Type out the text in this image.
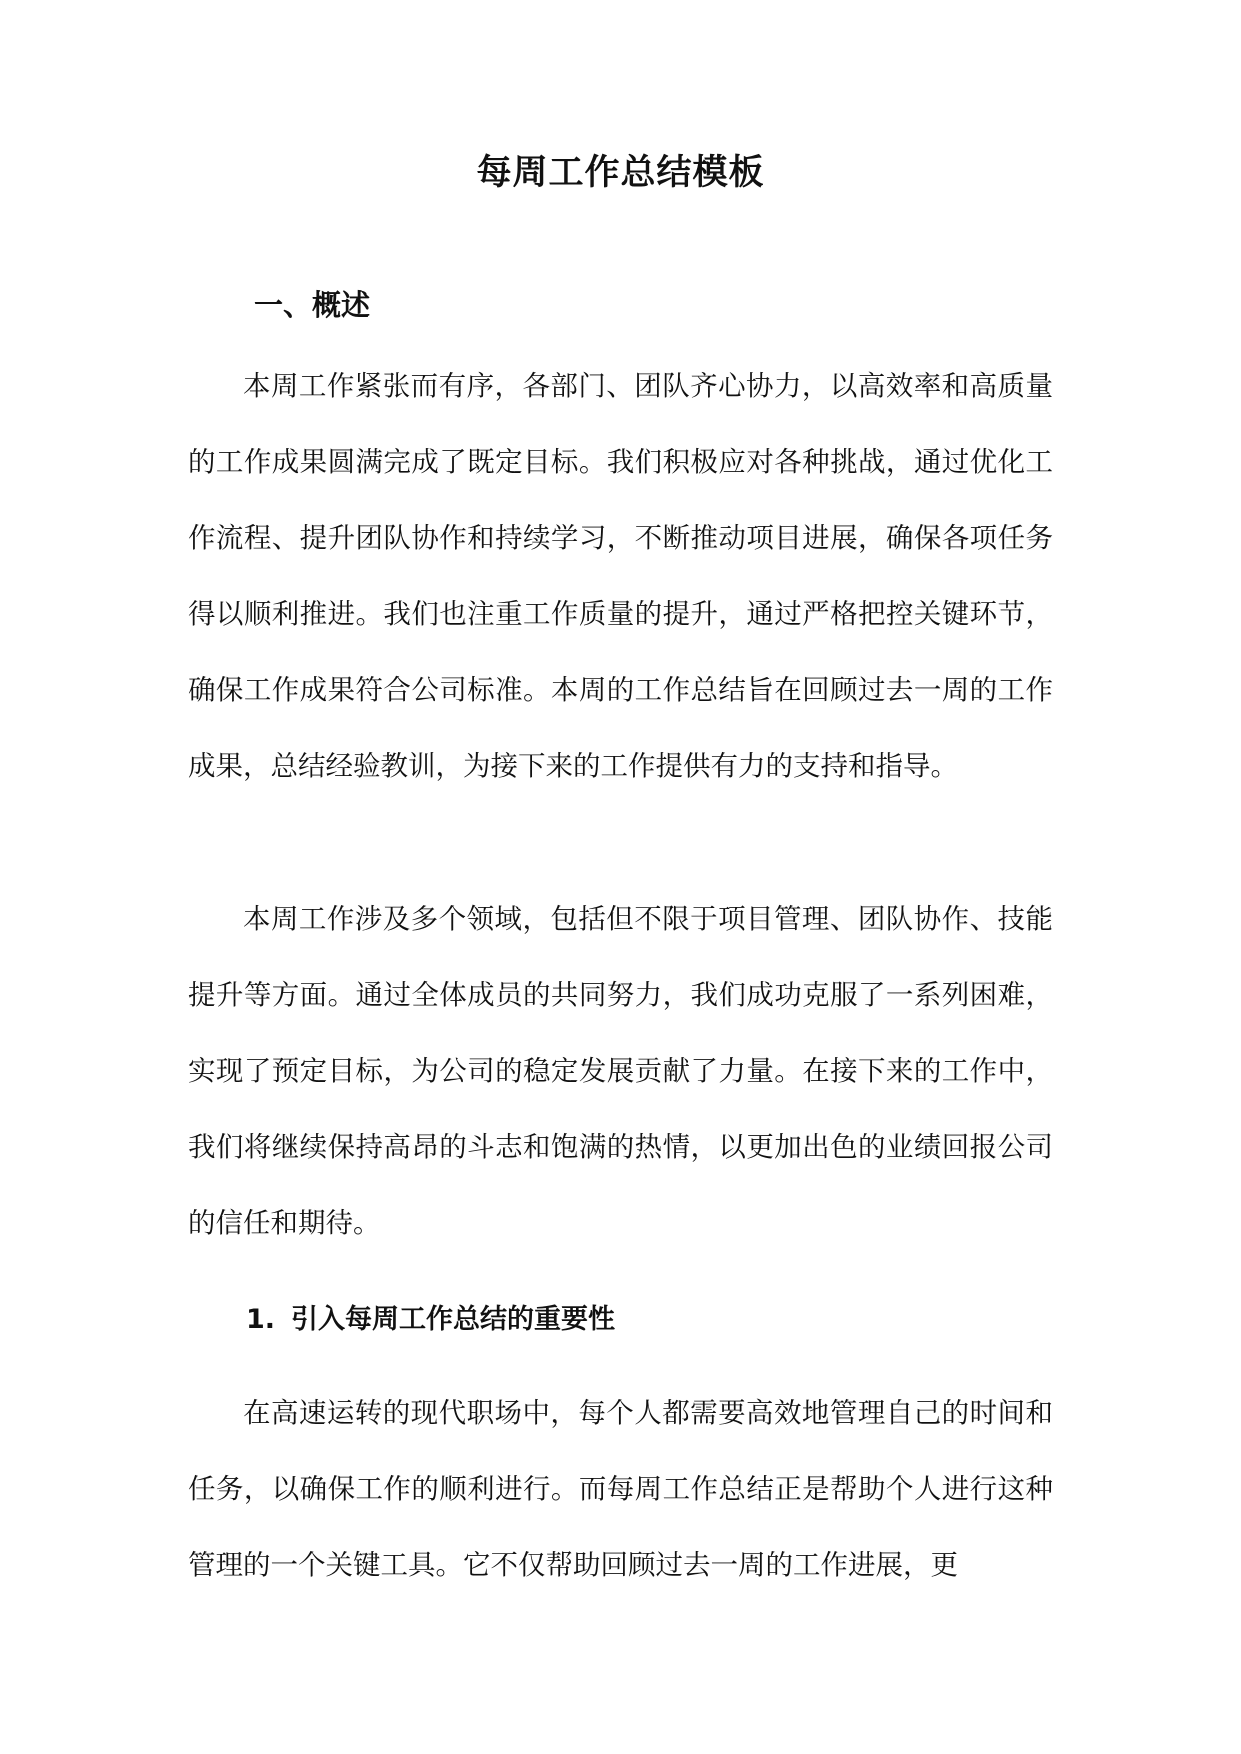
每周工作总结模板
一、概述

本周工作紧张而有序，各部门、团队齐心协力，以高效率和高质量的工作成果圆满完成了既定目标。我们积极应对各种挑战，通过优化工作流程、提升团队协作和持续学习，不断推动项目进展，确保各项任务得以顺利推进。我们也注重工作质量的提升，通过严格把控关键环节，确保工作成果符合公司标准。本周的工作总结旨在回顾过去一周的工作成果，总结经验教训，为接下来的工作提供有力的支持和指导。

本周工作涉及多个领域，包括但不限于项目管理、团队协作、技能提升等方面。通过全体成员的共同努力，我们成功克服了一系列困难，实现了预定目标，为公司的稳定发展贡献了力量。在接下来的工作中，我们将继续保持高昂的斗志和饱满的热情，以更加出色的业绩回报公司的信任和期待。

1. 引入每周工作总结的重要性

在高速运转的现代职场中，每个人都需要高效地管理自己的时间和任务，以确保工作的顺利进行。而每周工作总结正是帮助个人进行这种管理的一个关键工具。它不仅帮助回顾过去一周的工作进展，更
